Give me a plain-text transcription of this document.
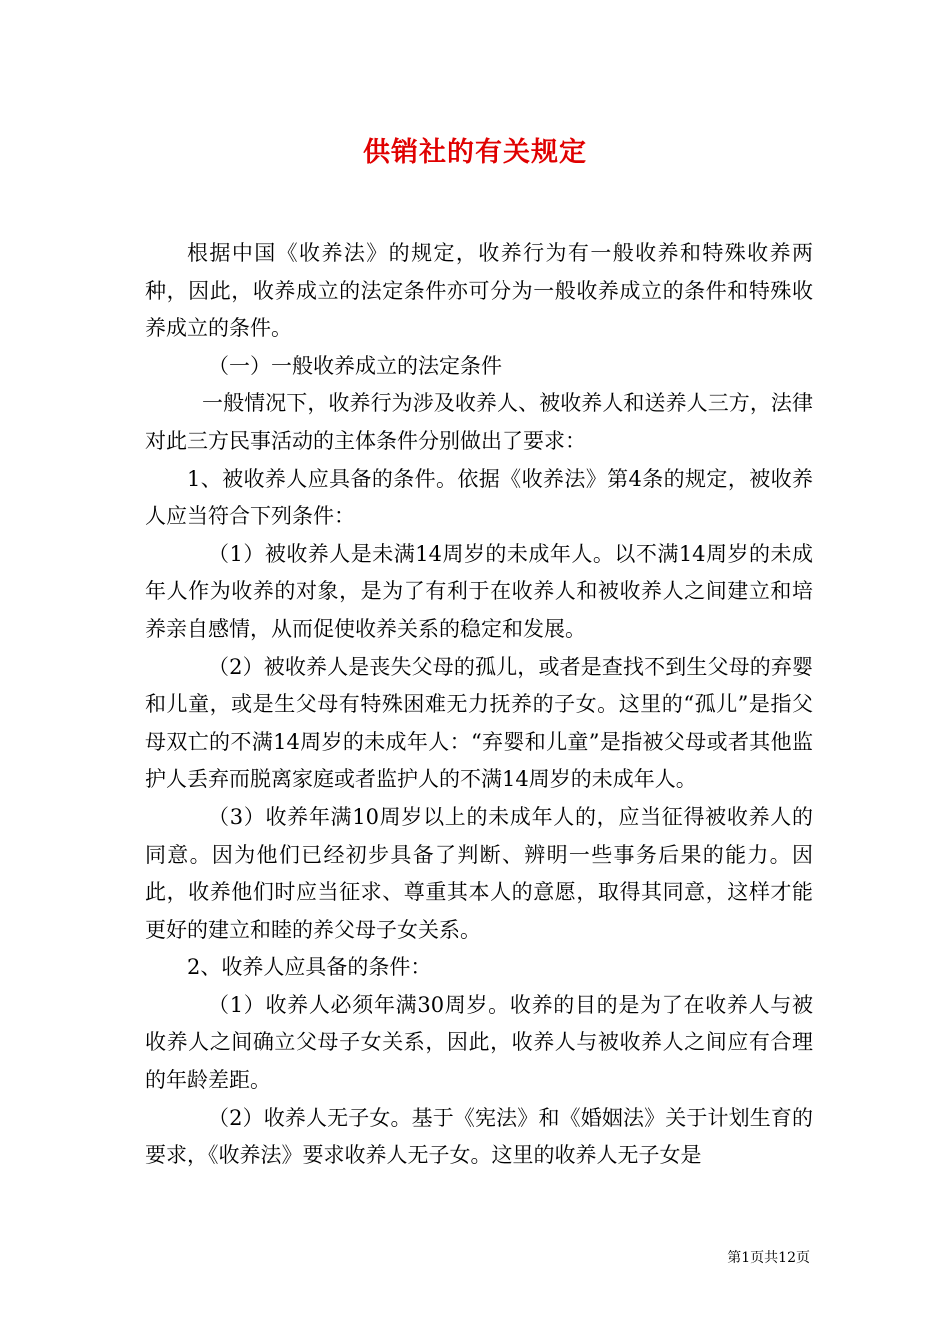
供销社的有关规定

根据中国《收养法》的规定，收养行为有一般收养和特殊收养两种，因此，收养成立的法定条件亦可分为一般收养成立的条件和特殊收养成立的条件。

（一）一般收养成立的法定条件

一般情况下，收养行为涉及收养人、被收养人和送养人三方，法律对此三方民事活动的主体条件分别做出了要求：

1、被收养人应具备的条件。依据《收养法》第4条的规定，被收养人应当符合下列条件：

（1）被收养人是未满14周岁的未成年人。以不满14周岁的未成年人作为收养的对象，是为了有利于在收养人和被收养人之间建立和培养亲自感情，从而促使收养关系的稳定和发展。

（2）被收养人是丧失父母的孤儿，或者是查找不到生父母的弃婴和儿童，或是生父母有特殊困难无力抚养的子女。这里的“孤儿”是指父母双亡的不满14周岁的未成年人：“弃婴和儿童”是指被父母或者其他监护人丢弃而脱离家庭或者监护人的不满14周岁的未成年人。

（3）收养年满10周岁以上的未成年人的，应当征得被收养人的同意。因为他们已经初步具备了判断、辨明一些事务后果的能力。因此，收养他们时应当征求、尊重其本人的意愿，取得其同意，这样才能更好的建立和睦的养父母子女关系。

2、收养人应具备的条件：

（1）收养人必须年满30周岁。收养的目的是为了在收养人与被收养人之间确立父母子女关系，因此，收养人与被收养人之间应有合理的年龄差距。

（2）收养人无子女。基于《宪法》和《婚姻法》关于计划生育的要求，《收养法》要求收养人无子女。这里的收养人无子女是

第1页共12页
